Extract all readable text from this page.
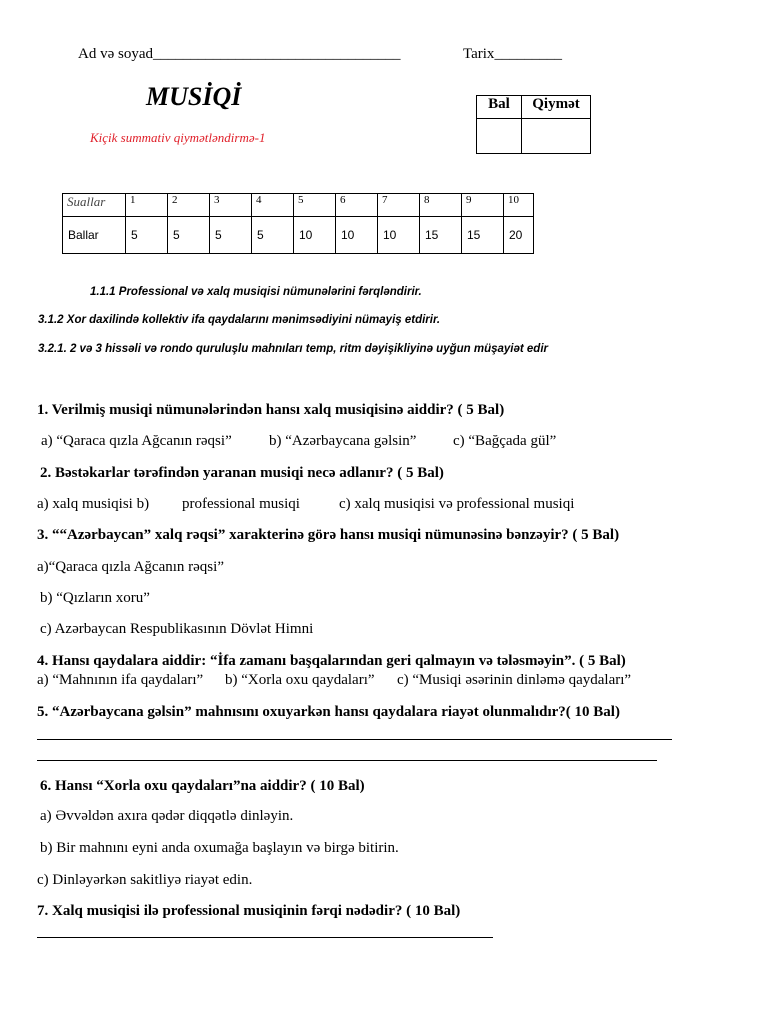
Ad və soyad_________________________________	Tarix_________
MUSİQİ
Kiçik summativ qiymətləndirmə-1
Bal	Qiymət

Suallar	1	2	3	4	5	6	7	8	9	10
Ballar	5	5	5	5	10	10	10	15	15	20
1.1.1 Professional və xalq musiqisi nümunələrini fərqləndirir.
3.1.2 Xor daxilində kollektiv ifa qaydalarını mənimsədiyini nümayiş etdirir.
3.2.1. 2 və 3 hissəli və rondo quruluşlu mahnıları temp, ritm dəyişikliyinə uyğun müşayiət edir
1. Verilmiş musiqi nümunələrindən hansı xalq musiqisinə aiddir? ( 5 Bal)
a) “Qaraca qızla Ağcanın rəqsi” b) “Azərbaycana gəlsin” c) “Bağçada gül”
2. Bəstəkarlar tərəfindən yaranan musiqi necə adlanır? ( 5 Bal)
a) xalq musiqisi b) professional musiqi	c) xalq musiqisi və professional musiqi
3. ““Azərbaycan” xalq rəqsi” xarakterinə görə hansı musiqi nümunəsinə bənzəyir? ( 5 Bal)
a)“Qaraca qızla Ağcanın rəqsi”
b) “Qızların xoru”
c) Azərbaycan Respublikasının Dövlət Himni
4. Hansı qaydalara aiddir: “İfa zamanı başqalarından geri qalmayın və tələsməyin”. ( 5 Bal)
a) “Mahnının ifa qaydaları” b) “Xorla oxu qaydaları” c) “Musiqi əsərinin dinləmə qaydaları”
5. “Azərbaycana gəlsin” mahnısını oxuyarkən hansı qaydalara riayət olunmalıdır?( 10 Bal)
6. Hansı “Xorla oxu qaydaları”na aiddir? ( 10 Bal)
a) Əvvəldən axıra qədər diqqətlə dinləyin.
b) Bir mahnını eyni anda oxumağa başlayın və birgə bitirin.
c) Dinləyərkən sakitliyə riayət edin.
7. Xalq musiqisi ilə professional musiqinin fərqi nədədir? ( 10 Bal)
